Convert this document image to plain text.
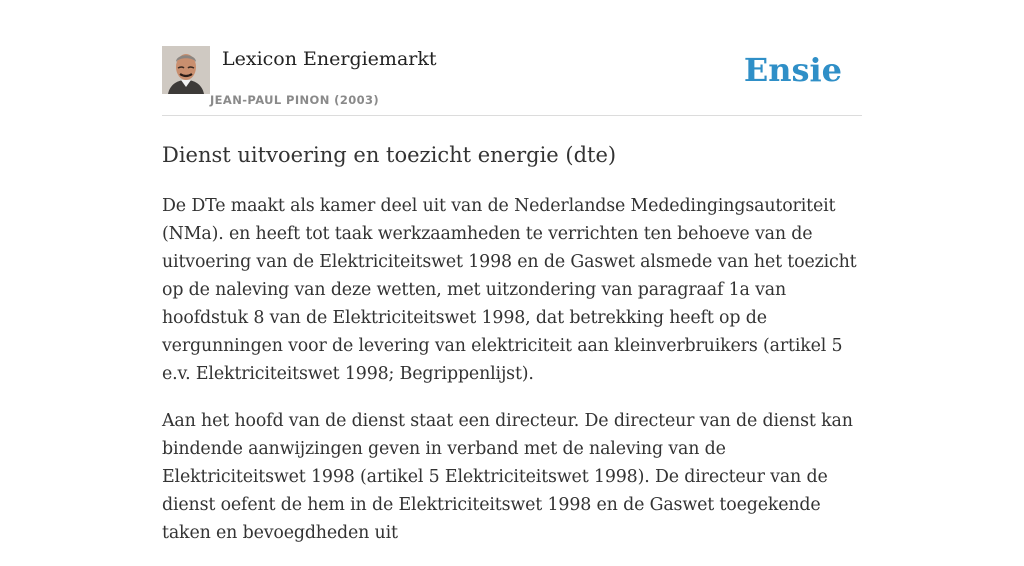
Lexicon Energiemarkt
JEAN-PAUL PINON (2003)
Ensie
Dienst uitvoering en toezicht energie (dte)

De DTe maakt als kamer deel uit van de Nederlandse Mededingingsautoriteit (NMa). en heeft tot taak werkzaamheden te verrichten ten behoeve van de uitvoering van de Elektriciteitswet 1998 en de Gaswet alsmede van het toezicht op de naleving van deze wetten, met uitzondering van paragraaf 1a van hoofdstuk 8 van de Elektriciteitswet 1998, dat betrekking heeft op de vergunningen voor de levering van elektriciteit aan kleinverbruikers (artikel 5 e.v. Elektriciteitswet 1998; Begrippenlijst).

Aan het hoofd van de dienst staat een directeur. De directeur van de dienst kan bindende aanwijzingen geven in verband met de naleving van de Elektriciteitswet 1998 (artikel 5 Elektriciteitswet 1998). De directeur van de dienst oefent de hem in de Elektriciteitswet 1998 en de Gaswet toegekende taken en bevoegdheden uit
